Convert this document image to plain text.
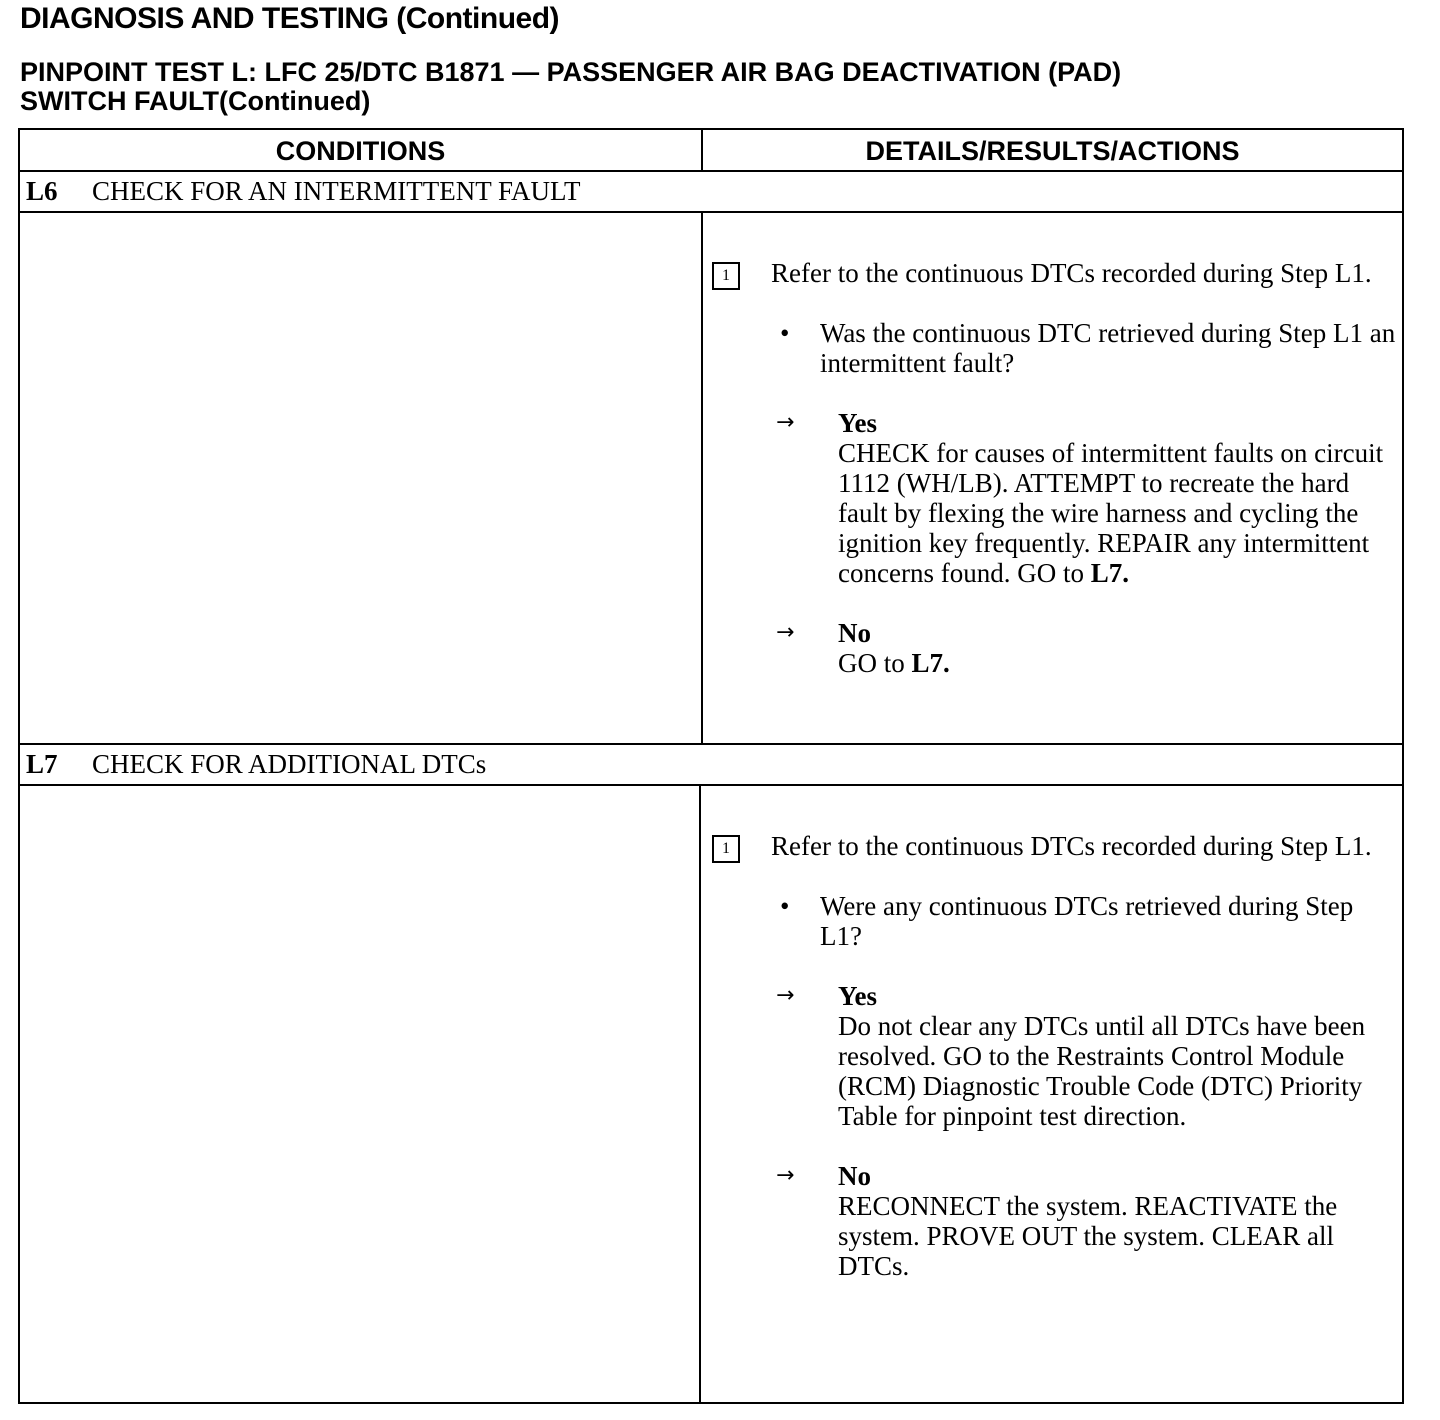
DIAGNOSIS AND TESTING (Continued)
PINPOINT TEST L: LFC 25/DTC B1871 — PASSENGER AIR BAG DEACTIVATION (PAD)
SWITCH FAULT(Continued)
CONDITIONS	DETAILS/RESULTS/ACTIONS
L6 CHECK FOR AN INTERMITTENT FAULT
1	Refer to the continuous DTCs recorded during Step L1.

• Was the continuous DTC retrieved during Step L1 an intermittent fault?
→ Yes
CHECK for causes of intermittent faults on circuit 1112 (WH/LB). ATTEMPT to recreate the hard fault by flexing the wire harness and cycling the ignition key frequently. REPAIR any intermittent concerns found. GO to L7.
→ No
GO to L7.
L7 CHECK FOR ADDITIONAL DTCs
1	Refer to the continuous DTCs recorded during Step L1.

• Were any continuous DTCs retrieved during Step L1?
→ Yes
Do not clear any DTCs until all DTCs have been resolved. GO to the Restraints Control Module (RCM) Diagnostic Trouble Code (DTC) Priority Table for pinpoint test direction.
→ No
RECONNECT the system. REACTIVATE the system. PROVE OUT the system. CLEAR all DTCs.
